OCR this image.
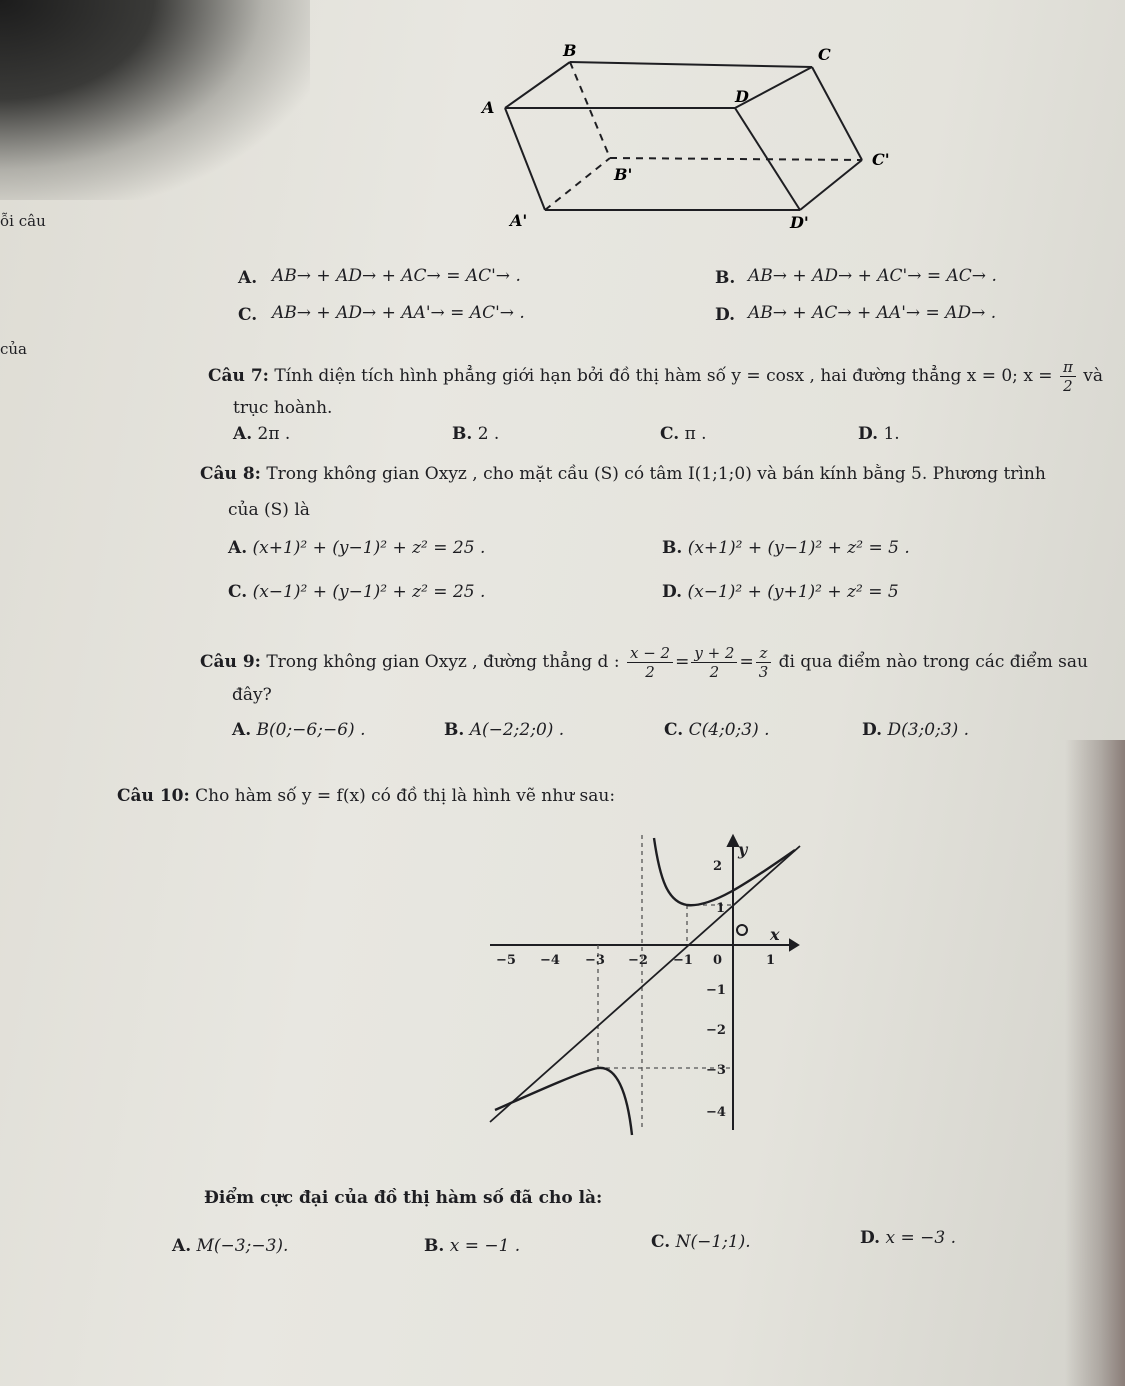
ỗi câu
của
B	C
A
D
B'
C'
A'	D'
A. AB→ + AD→ + AC→ = AC'→ .	B. AB→ + AD→ + AC'→ = AC→ .
C. AB→ + AD→ + AA'→ = AC'→ .	D. AB→ + AC→ + AA'→ = AD→ .
Câu 7: Tính diện tích hình phẳng giới hạn bởi đồ thị hàm số y = cosx , hai đường thẳng x = 0; $x = \frac{\pi}{2}$ và
trục hoành.
A. 2π .	B. 2 .	C. π .	D. 1.
Câu 8: Trong không gian Oxyz , cho mặt cầu (S) có tâm I(1;1;0) và bán kính bằng 5. Phương trình
của (S) là
A. (x+1)² + (y−1)² + z² = 25 .	B. (x+1)² + (y−1)² + z² = 5 .
C. (x−1)² + (y−1)² + z² = 25 .	D. (x−1)² + (y+1)² + z² = 5
Câu 9: Trong không gian Oxyz , đường thẳng d : $\frac{x - 2}{2} = \frac{y + 2}{2} = \frac{z}{3}$ đi qua điểm nào trong các điểm sau
đây?
A. B(0;−6;−6) .	B. A(−2;2;0) .	C. C(4;0;3) .	D. D(3;0;3) .
Câu 10: Cho hàm số y = f(x) có đồ thị là hình vẽ như sau:
y
x
−5 −4 −3 −2 −1 0	1
2
1
−1
−2
−3
−4
Điểm cực đại của đồ thị hàm số đã cho là:
A. M(−3;−3).	B. x = −1 .	C. N(−1;1).	D. x = −3 .
